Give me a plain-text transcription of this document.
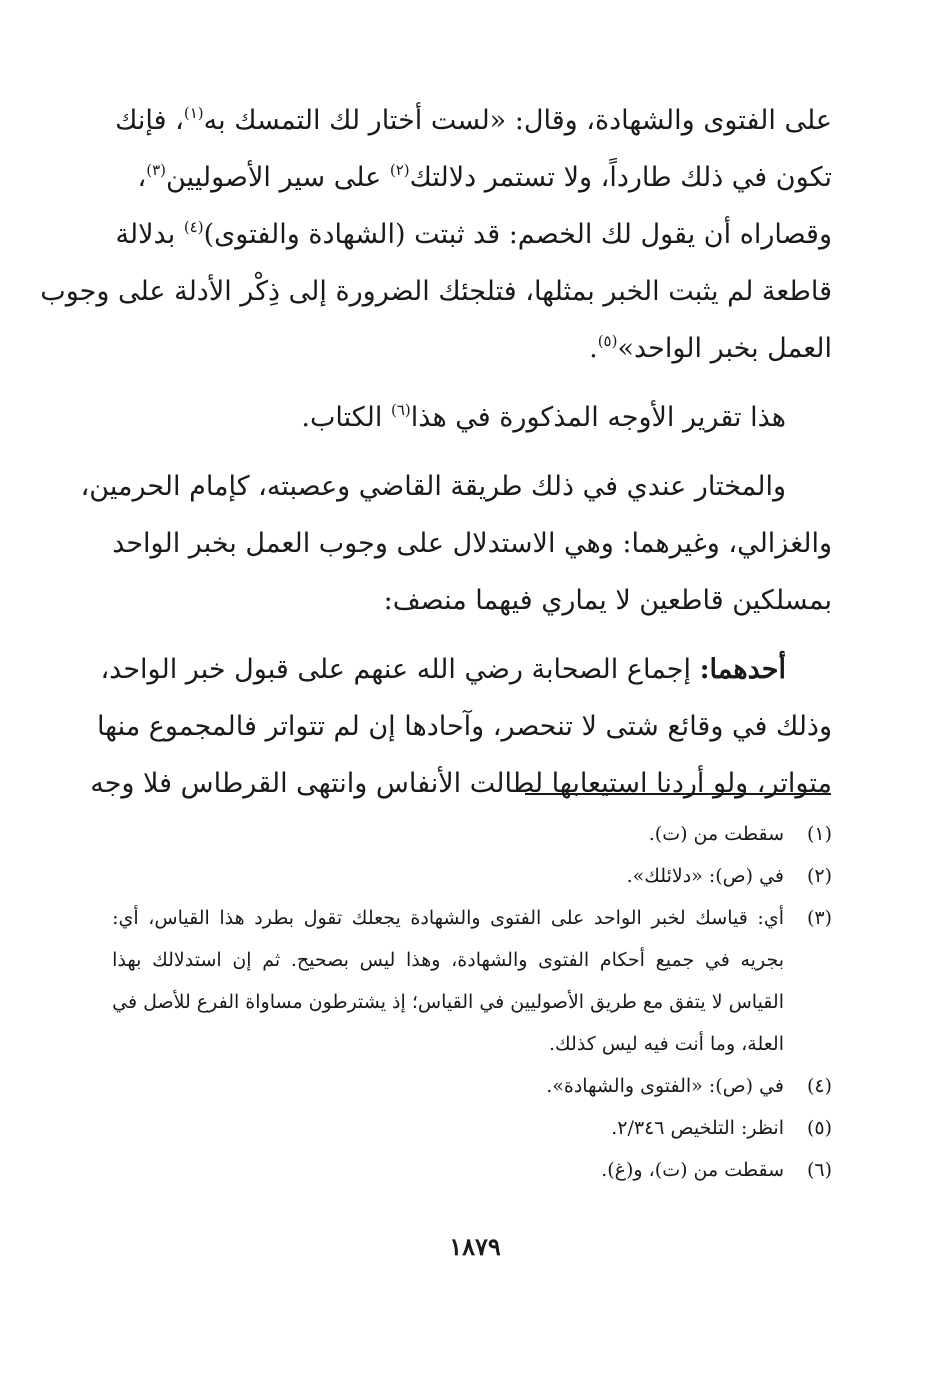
على الفتوى والشهادة، وقال: «لست أختار لك التمسك به$^{(١)}$، فإنك
تكون في ذلك طارداً، ولا تستمر دلالتك$^{(٢)}$ على سير الأصوليين$^{(٣)}$،
وقصاراه أن يقول لك الخصم: قد ثبتت (الشهادة والفتوى)$^{(٤)}$ بدلالة
قاطعة لم يثبت الخبر بمثلها، فتلجئك الضرورة إلى ذِكْر الأدلة على وجوب
العمل بخبر الواحد»$^{(٥)}$.
هذا تقرير الأوجه المذكورة في هذا$^{(٦)}$ الكتاب.
والمختار عندي في ذلك طريقة القاضي وعصبته، كإمام الحرمين،
والغزالي، وغيرهما: وهي الاستدلال على وجوب العمل بخبر الواحد
بمسلكين قاطعين لا يماري فيهما منصف:
أحدهما: إجماع الصحابة رضي الله عنهم على قبول خبر الواحد،
وذلك في وقائع شتى لا تنحصر، وآحادها إن لم تتواتر فالمجموع منها
متواتر، ولو أردنا استيعابها لطالت الأنفاس وانتهى القرطاس فلا وجه
(١)
سقطت من (ت).
(٢)
في (ص): «دلائلك».
(٣)
أي: قياسك لخبر الواحد على الفتوى والشهادة يجعلك تقول بطرد هذا القياس، أي:
بجريه في جميع أحكام الفتوى والشهادة، وهذا ليس بصحيح. ثم إن استدلالك بهذا
القياس لا يتفق مع طريق الأصوليين في القياس؛ إذ يشترطون مساواة الفرع للأصل في
العلة، وما أنت فيه ليس كذلك.
(٤)
في (ص): «الفتوى والشهادة».
(٥)
انظر: التلخيص ٢/٣٤٦.
(٦)
سقطت من (ت)، و(غ).
١٨٧٩
